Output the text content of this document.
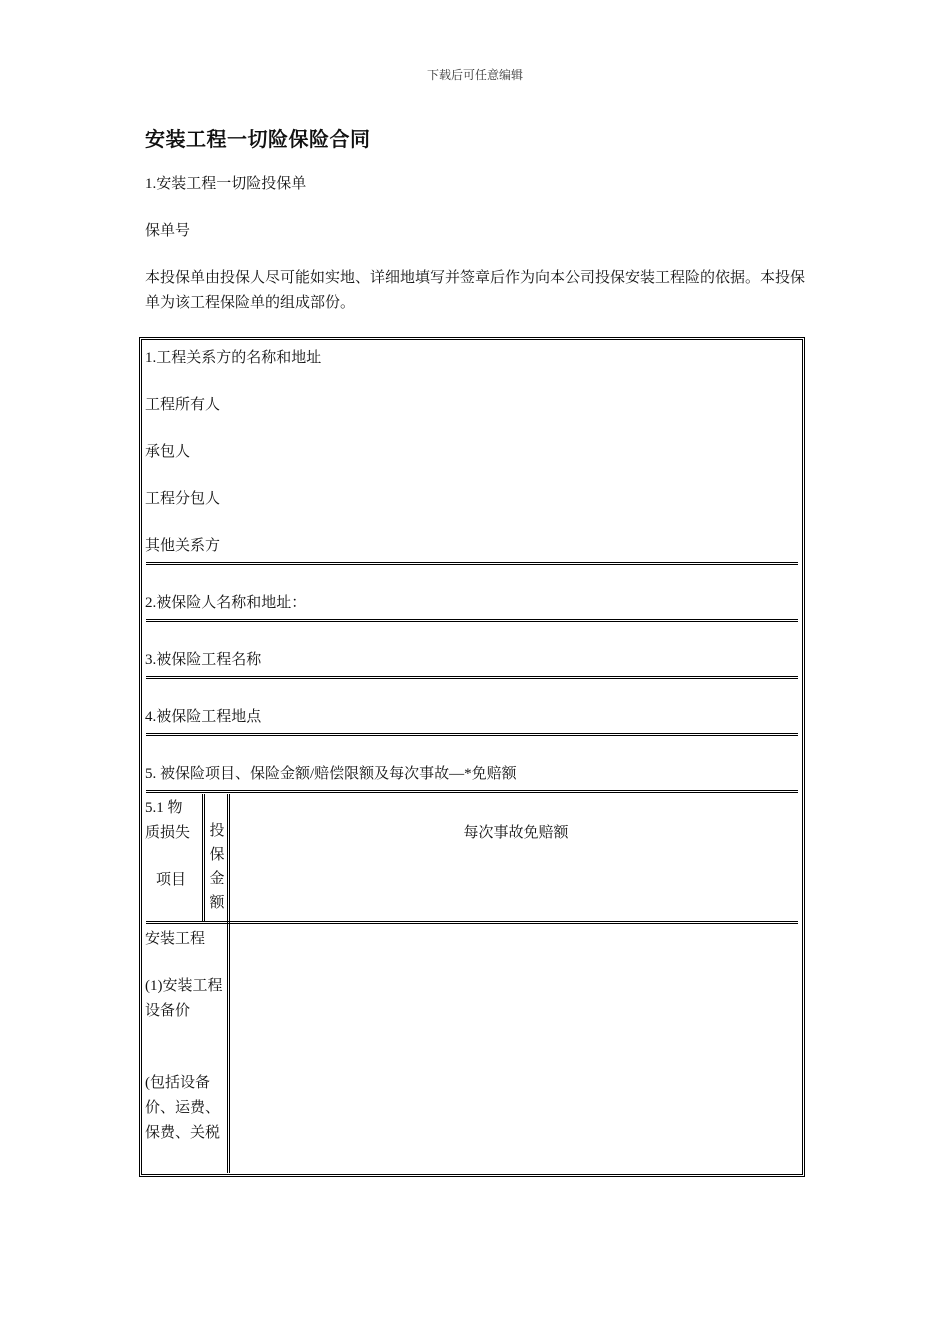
下载后可任意编辑
安装工程一切险保险合同
1.安装工程一切险投保单
保单号
本投保单由投保人尽可能如实地、详细地填写并签章后作为向本公司投保安装工程险的依据。本投保单为该工程保险单的组成部份。
1.工程关系方的名称和地址
工程所有人
承包人
工程分包人
其他关系方
2.被保险人名称和地址：
3.被保险工程名称
4.被保险工程地点
5. 被保险项目、保险金额/赔偿限额及每次事故—*免赔额
5.1 物
质损失
项目
投
保
金
额
每次事故免赔额
安装工程
(1)安装工程设备价
(包括设备价、运费、保费、关税
